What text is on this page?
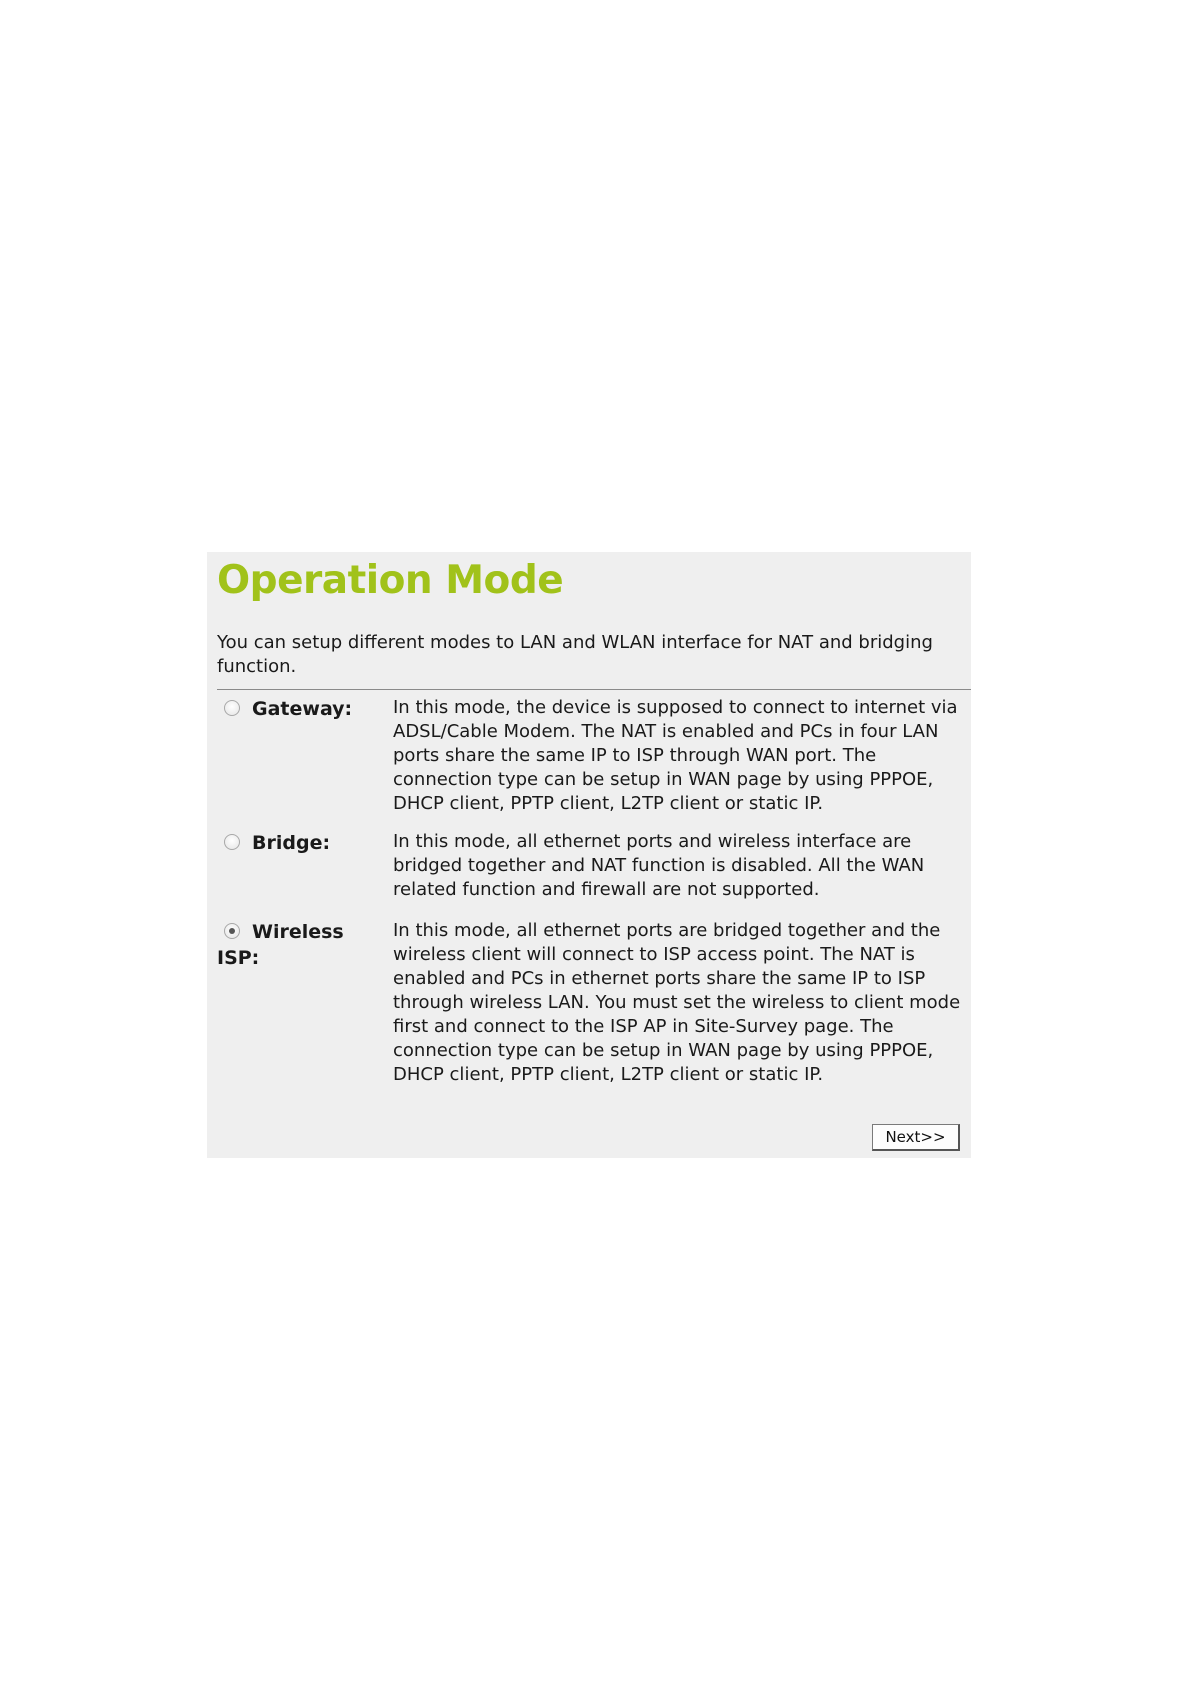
Operation Mode
You can setup different modes to LAN and WLAN interface for NAT and bridging function.
Gateway:	In this mode, the device is supposed to connect to internet via ADSL/Cable Modem. The NAT is enabled and PCs in four LAN ports share the same IP to ISP through WAN port. The connection type can be setup in WAN page by using PPPOE, DHCP client, PPTP client, L2TP client or static IP.
Bridge:	In this mode, all ethernet ports and wireless interface are bridged together and NAT function is disabled. All the WAN related function and firewall are not supported.
Wireless ISP:
In this mode, all ethernet ports are bridged together and the wireless client will connect to ISP access point. The NAT is enabled and PCs in ethernet ports share the same IP to ISP through wireless LAN. You must set the wireless to client mode first and connect to the ISP AP in Site-Survey page. The connection type can be setup in WAN page by using PPPOE, DHCP client, PPTP client, L2TP client or static IP.
Next>>
